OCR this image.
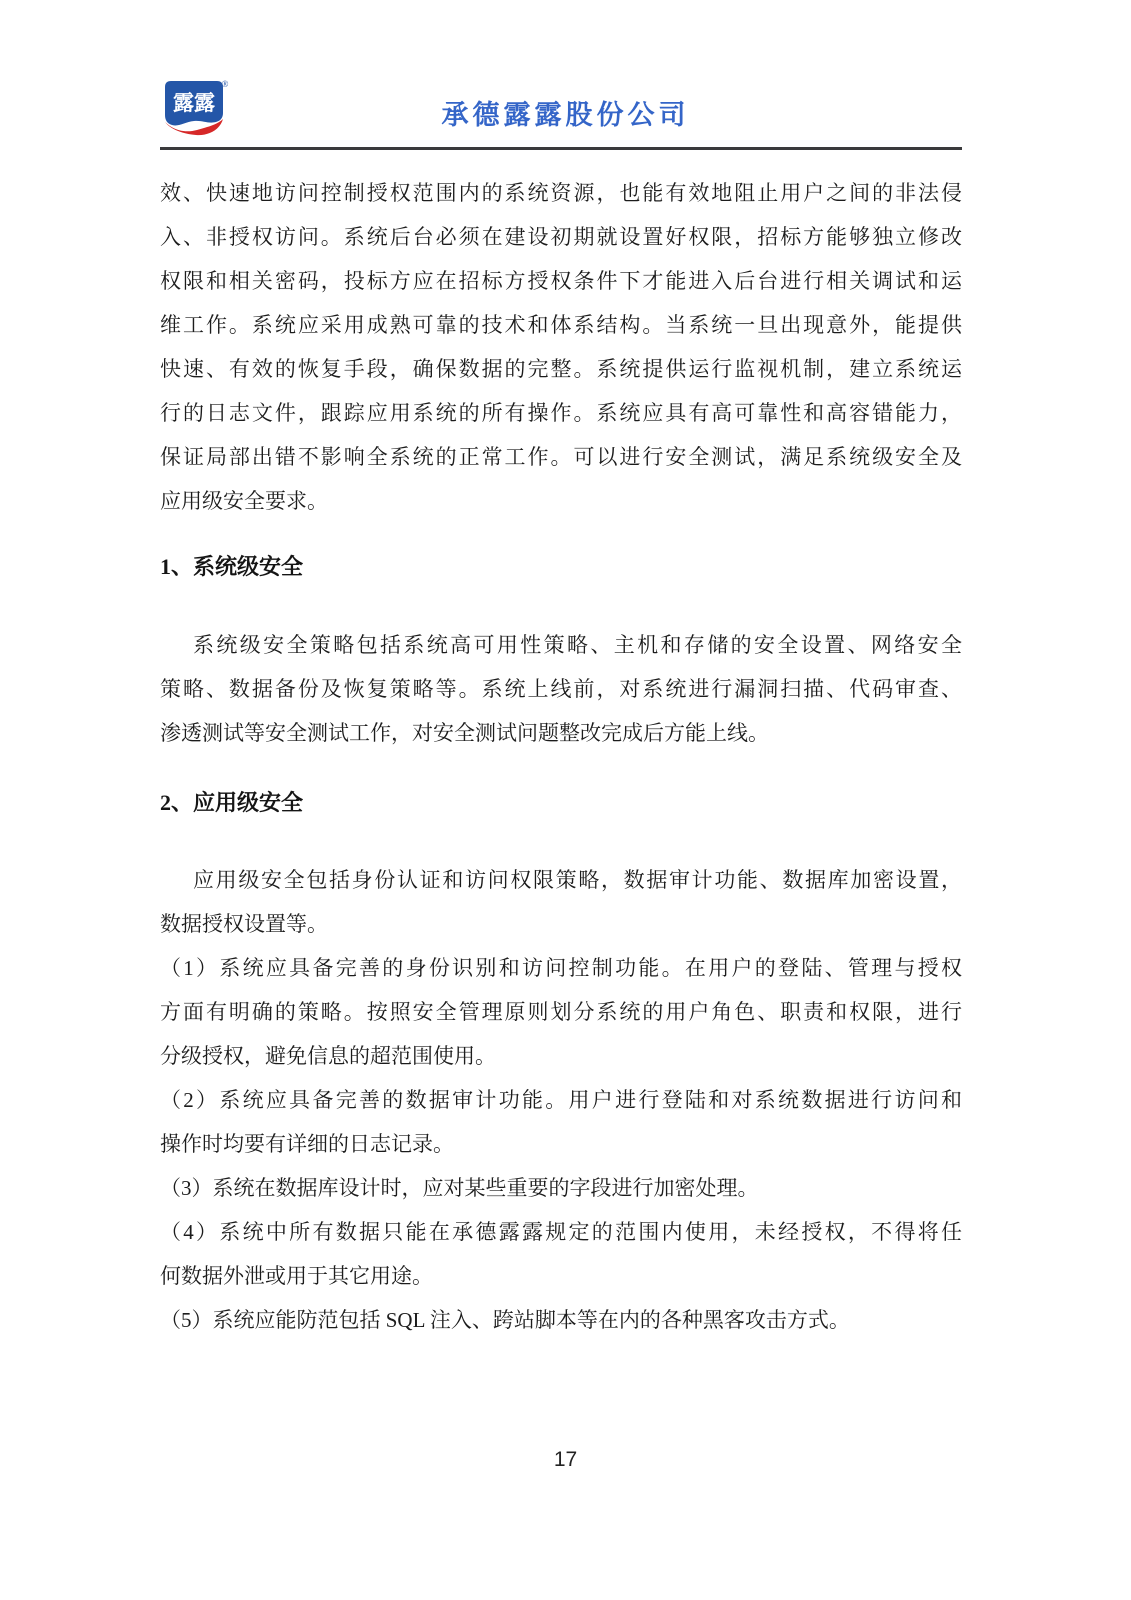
露露
®
承德露露股份公司
效、快速地访问控制授权范围内的系统资源，也能有效地阻止用户之间的非法侵
入、非授权访问。系统后台必须在建设初期就设置好权限，招标方能够独立修改
权限和相关密码，投标方应在招标方授权条件下才能进入后台进行相关调试和运
维工作。系统应采用成熟可靠的技术和体系结构。当系统一旦出现意外，能提供
快速、有效的恢复手段，确保数据的完整。系统提供运行监视机制，建立系统运
行的日志文件，跟踪应用系统的所有操作。系统应具有高可靠性和高容错能力，
保证局部出错不影响全系统的正常工作。可以进行安全测试，满足系统级安全及
应用级安全要求。
1、系统级安全
系统级安全策略包括系统高可用性策略、主机和存储的安全设置、网络安全
策略、数据备份及恢复策略等。系统上线前，对系统进行漏洞扫描、代码审查、
渗透测试等安全测试工作，对安全测试问题整改完成后方能上线。
2、应用级安全
应用级安全包括身份认证和访问权限策略，数据审计功能、数据库加密设置，
数据授权设置等。
（1）系统应具备完善的身份识别和访问控制功能。在用户的登陆、管理与授权
方面有明确的策略。按照安全管理原则划分系统的用户角色、职责和权限，进行
分级授权，避免信息的超范围使用。
（2）系统应具备完善的数据审计功能。用户进行登陆和对系统数据进行访问和
操作时均要有详细的日志记录。
（3）系统在数据库设计时，应对某些重要的字段进行加密处理。
（4）系统中所有数据只能在承德露露规定的范围内使用，未经授权，不得将任
何数据外泄或用于其它用途。
（5）系统应能防范包括 SQL 注入、跨站脚本等在内的各种黑客攻击方式。
17
